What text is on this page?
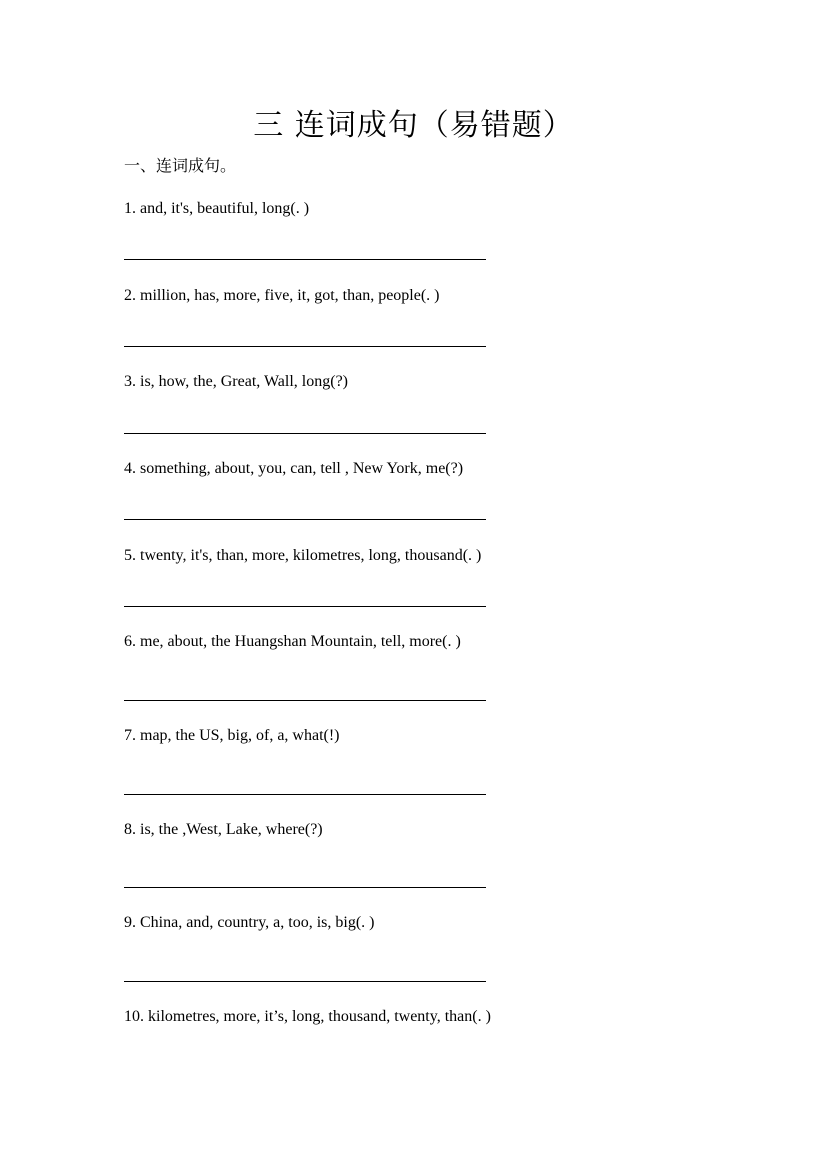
三 连词成句（易错题）

一、连词成句。

1. and, it's, beautiful, long(. )

2. million, has, more, five, it, got, than, people(. )

3. is, how, the, Great, Wall, long(?)

4. something, about, you, can, tell , New York, me(?)

5. twenty, it's, than, more, kilometres, long, thousand(. )

6. me, about, the Huangshan Mountain, tell, more(. )

7. map, the US, big, of, a, what(!)

8. is, the ,West, Lake, where(?)

9. China, and, country, a, too, is, big(. )

10. kilometres, more, it’s, long, thousand, twenty, than(. )
